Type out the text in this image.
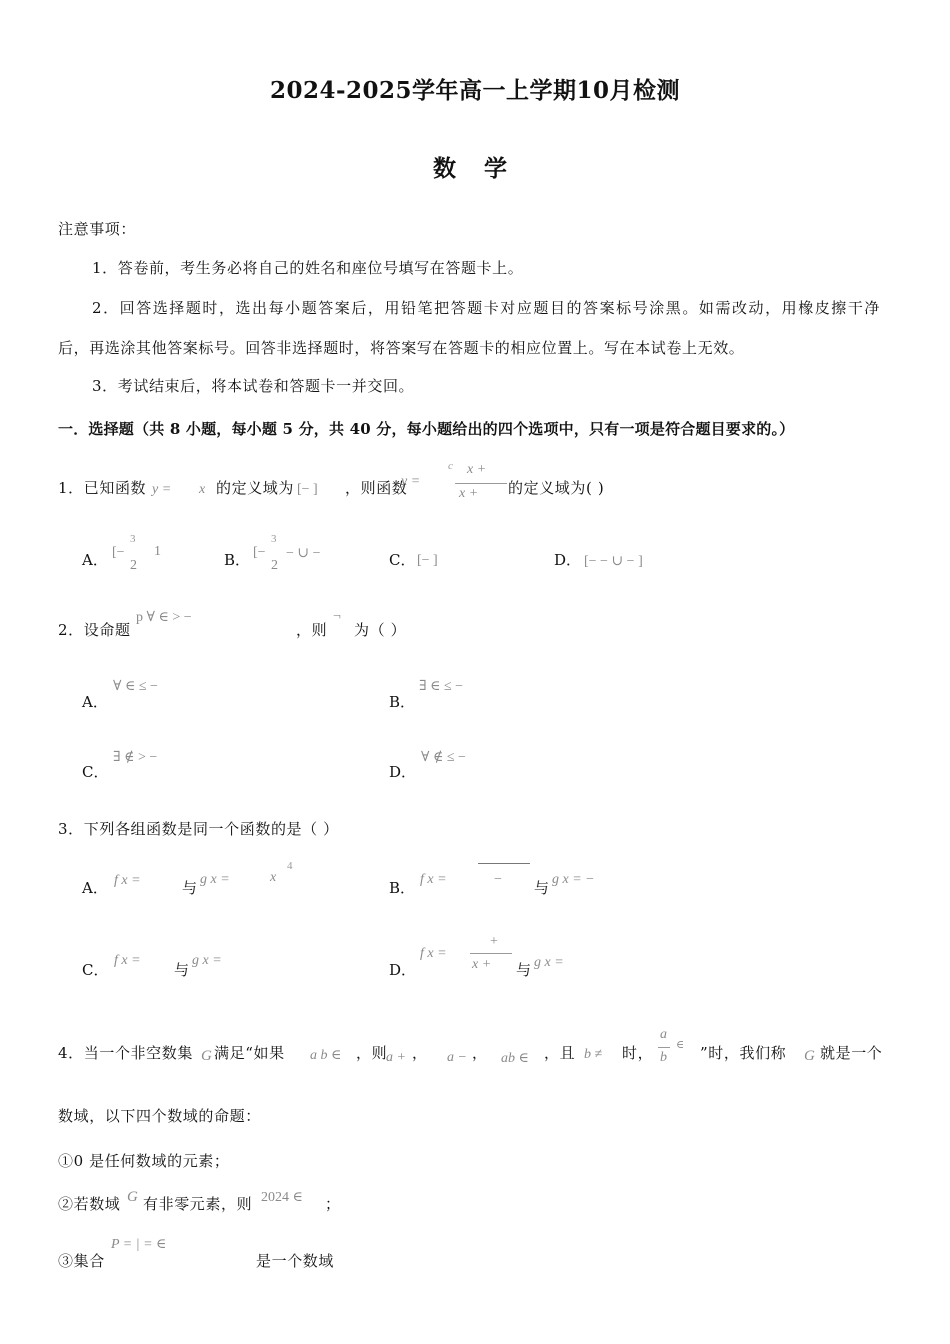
2024-2025学年高一上学期10月检测
数 学
注意事项：
1．答卷前，考生务必将自己的姓名和座位号填写在答题卡上。
2．回答选择题时，选出每小题答案后，用铅笔把答题卡对应题目的答案标号涂黑。如需改动，用橡皮擦干净
后，再选涂其他答案标号。回答非选择题时，将答案写在答题卡的相应位置上。写在本试卷上无效。
3．考试结束后，将本试卷和答题卡一并交回。
一．选择题（共 8 小题，每小题 5 分，共 40 分，每小题给出的四个选项中，只有一项是符合题目要求的。）
1．已知函数 y = x 的定义域为 [− ] ，则函数
y =
c x +
x + 的定义域为( )
A． [−
3
2
1	B． [−
3
2
− ∪ −	C． [− ]	D． [− − ∪ − ]
2．设命题
p ∀ ∈ > −
，则
¬
为（ ）
A．
∀ ∈ ≤ −
B．
∃ ∈ ≤ −
C．
∃ ∉ > −
D．
∀ ∉ ≤ −
3．下列各组函数是同一个函数的是（ ）
A． f x =	与 g x =	x
4
B． f x =	− 与 g x = −
C．
f x =
与
g x =
D．
f x =
+
x + 与 g x =
4．当一个非空数集 G 满足“如果 a b ∈ ，则
a + ， a − ， ab ∈ ，且 b ≠ 时，
a
b
∈ ”时，我们称 G 就是一个
数域，以下四个数域的命题：
①0 是任何数域的元素；
②若数域 G 有非零元素，则 2024 ∈ ；
③集合
P = | = ∈
是一个数域
